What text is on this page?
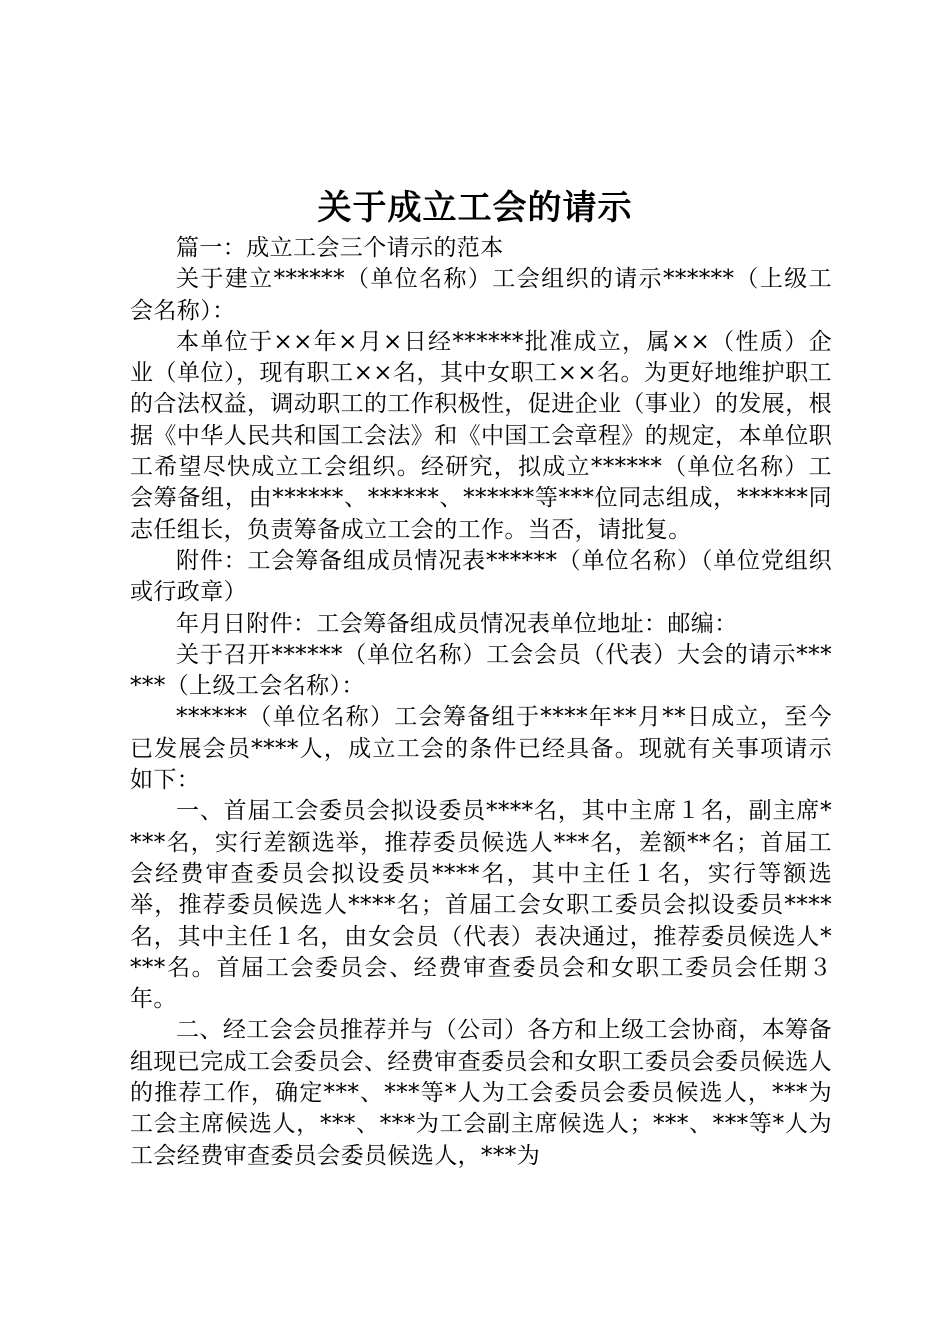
关于成立工会的请示

篇一：成立工会三个请示的范本

关于建立******（单位名称）工会组织的请示******（上级工会名称）：

本单位于××年×月×日经******批准成立，属××（性质）企业（单位），现有职工××名，其中女职工××名。为更好地维护职工的合法权益，调动职工的工作积极性，促进企业（事业）的发展，根据《中华人民共和国工会法》和《中国工会章程》的规定，本单位职工希望尽快成立工会组织。经研究，拟成立******（单位名称）工会筹备组，由******、******、******等***位同志组成，******同志任组长，负责筹备成立工会的工作。当否，请批复。

附件：工会筹备组成员情况表******（单位名称）（单位党组织或行政章）

年月日附件：工会筹备组成员情况表单位地址：邮编：

关于召开******（单位名称）工会会员（代表）大会的请示******（上级工会名称）：

******（单位名称）工会筹备组于****年**月**日成立，至今已发展会员****人，成立工会的条件已经具备。现就有关事项请示如下：

一、首届工会委员会拟设委员****名，其中主席１名，副主席****名，实行差额选举，推荐委员候选人***名，差额**名；首届工会经费审查委员会拟设委员****名，其中主任１名，实行等额选举，推荐委员候选人****名；首届工会女职工委员会拟设委员****名，其中主任１名，由女会员（代表）表决通过，推荐委员候选人****名。首届工会委员会、经费审查委员会和女职工委员会任期３年。

二、经工会会员推荐并与（公司）各方和上级工会协商，本筹备组现已完成工会委员会、经费审查委员会和女职工委员会委员候选人的推荐工作，确定***、***等*人为工会委员会委员候选人，***为工会主席候选人，***、***为工会副主席候选人；***、***等*人为工会经费审查委员会委员候选人，***为
